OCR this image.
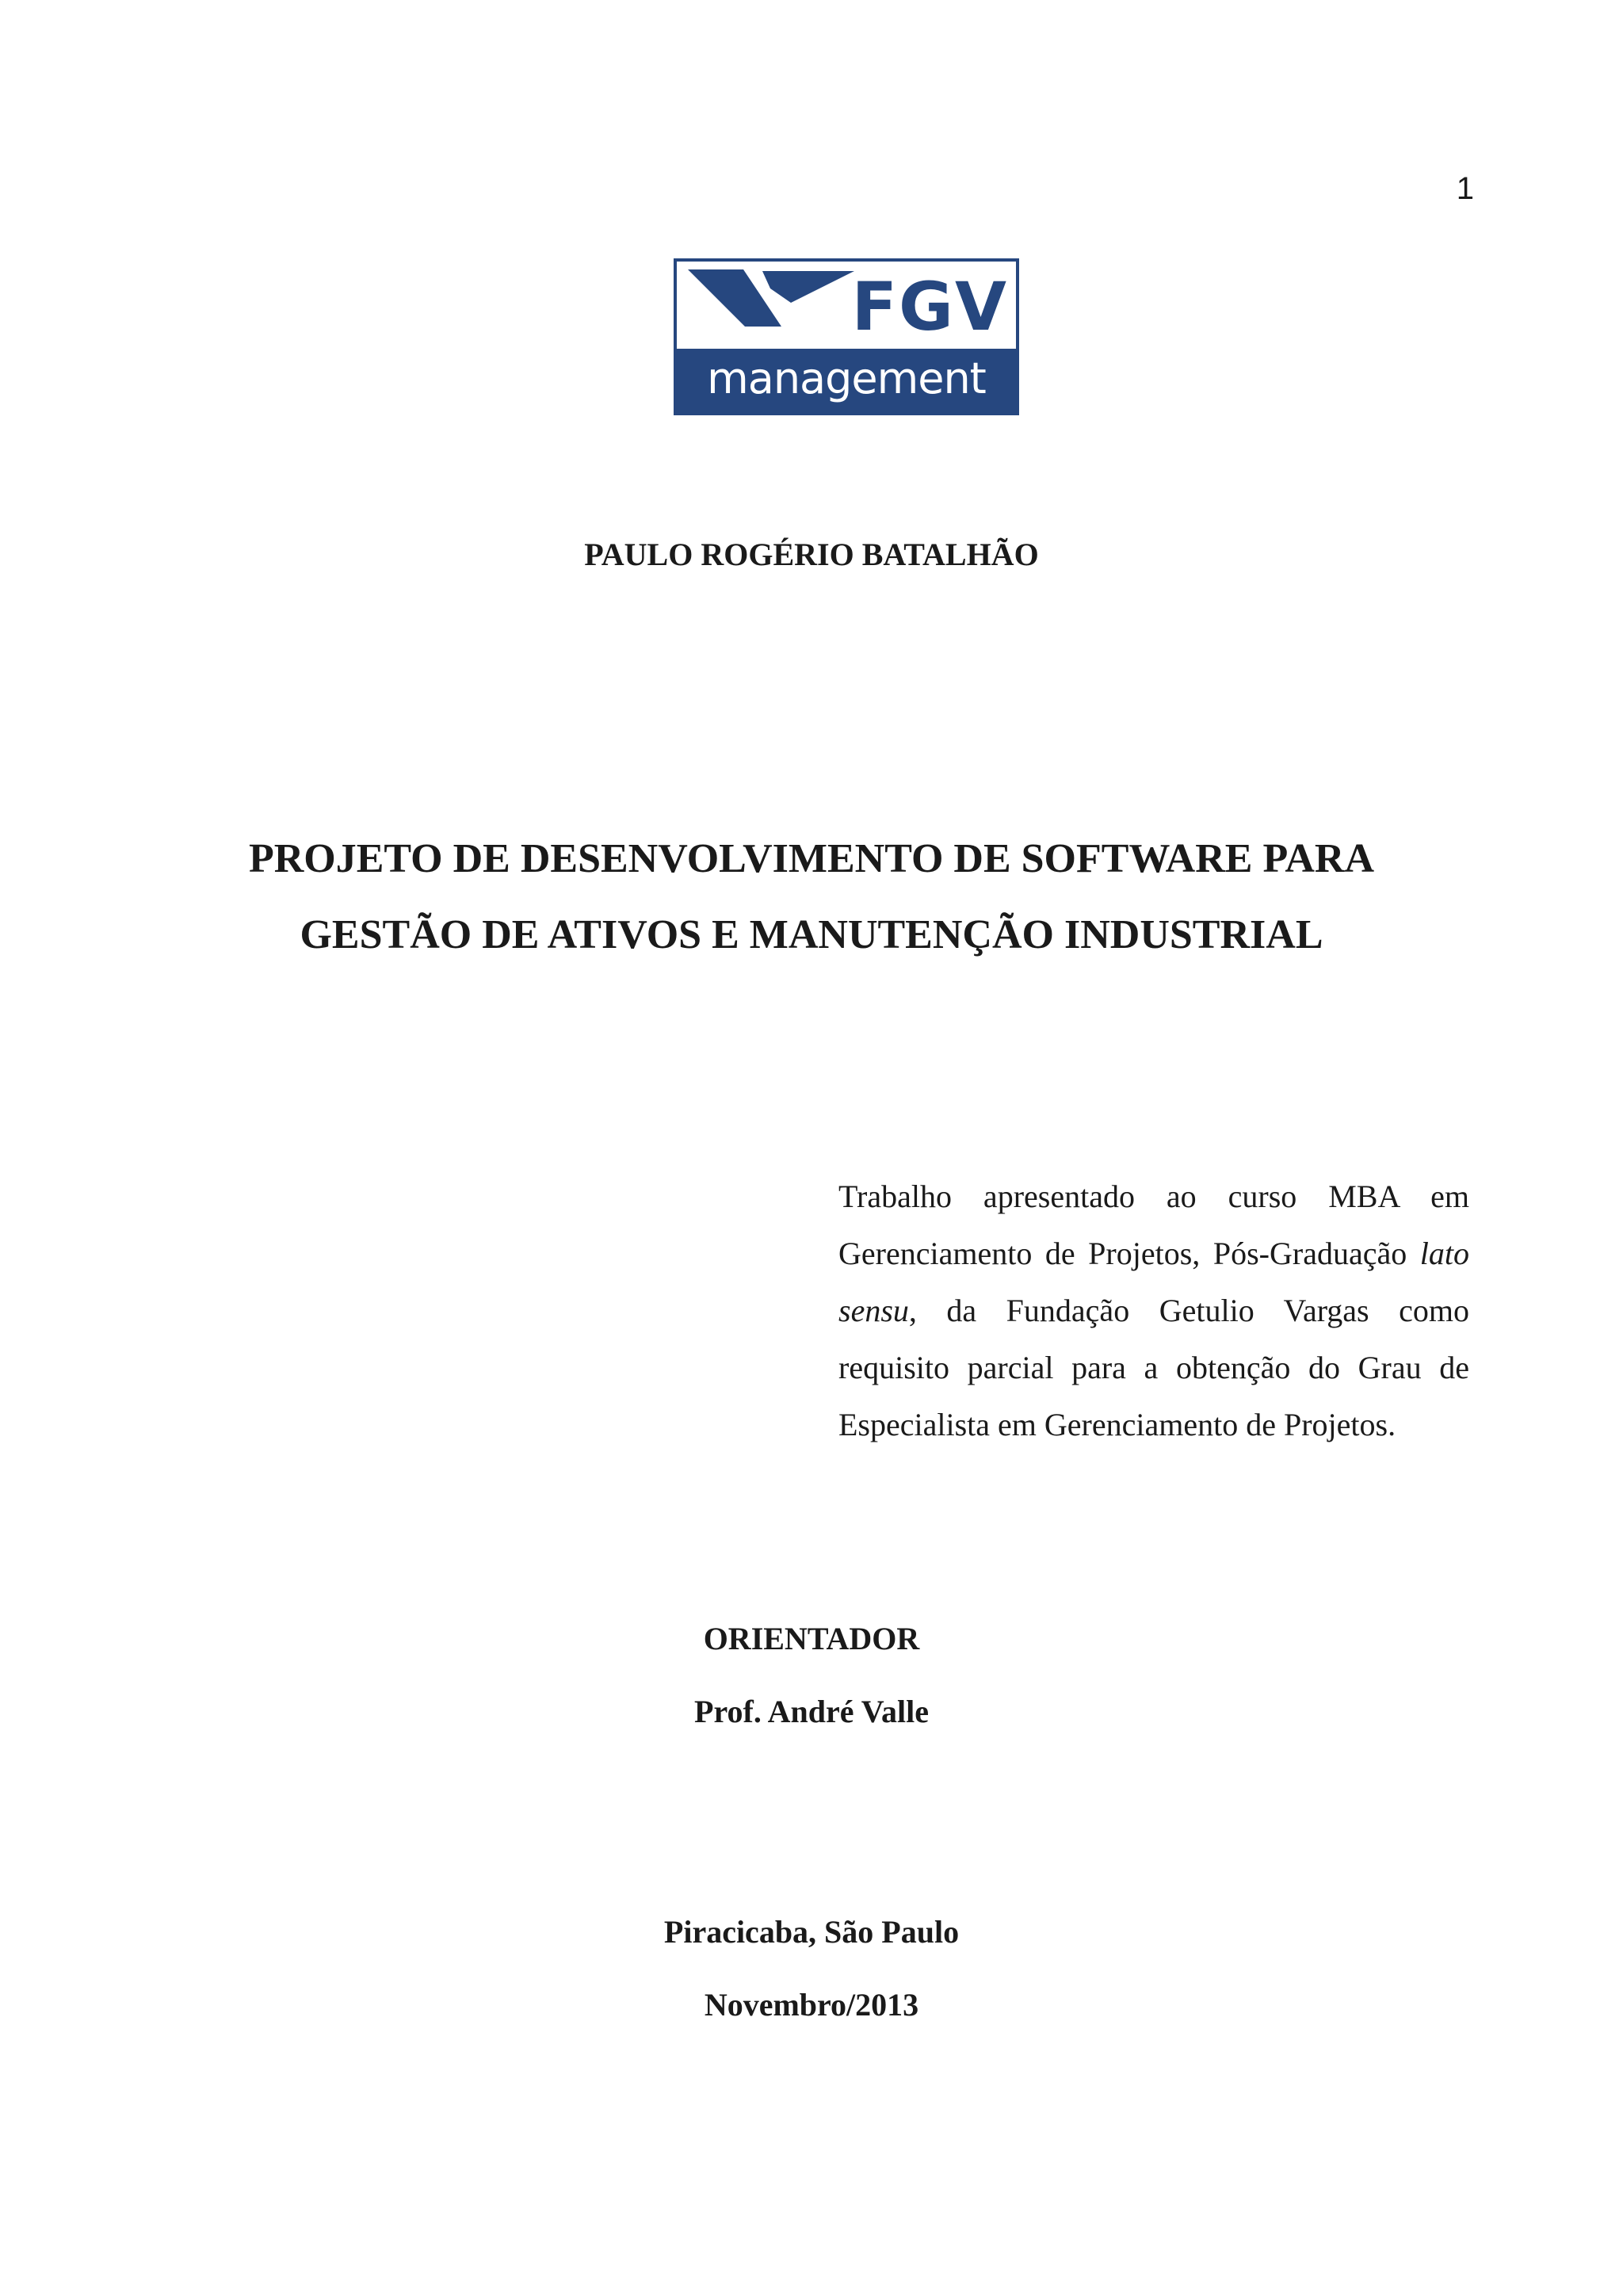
1
FGV
management
PAULO ROGÉRIO BATALHÃO
PROJETO DE DESENVOLVIMENTO DE SOFTWARE PARA
GESTÃO DE ATIVOS E MANUTENÇÃO INDUSTRIAL
Trabalho apresentado ao curso MBA em Gerenciamento de Projetos, Pós-Graduação lato sensu, da Fundação Getulio Vargas como requisito parcial para a obtenção do Grau de Especialista em Gerenciamento de Projetos.
ORIENTADOR
Prof. André Valle
Piracicaba, São Paulo
Novembro/2013
